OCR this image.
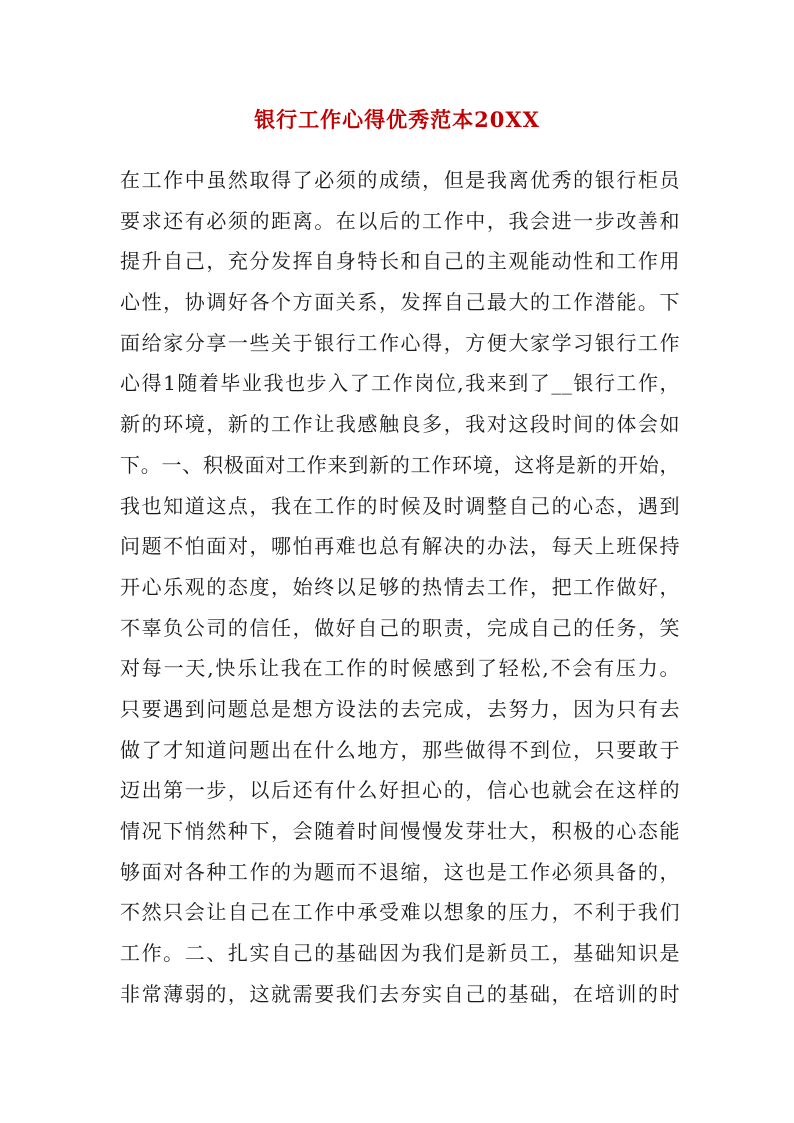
银行工作心得优秀范本20XX
在工作中虽然取得了必须的成绩，但是我离优秀的银行柜员
要求还有必须的距离。在以后的工作中，我会进一步改善和
提升自己，充分发挥自身特长和自己的主观能动性和工作用
心性，协调好各个方面关系，发挥自己最大的工作潜能。下
面给家分享一些关于银行工作心得，方便大家学习银行工作
心得1随着毕业我也步入了工作岗位,我来到了__银行工作，
新的环境，新的工作让我感触良多，我对这段时间的体会如
下。一、积极面对工作来到新的工作环境，这将是新的开始，
我也知道这点，我在工作的时候及时调整自己的心态，遇到
问题不怕面对，哪怕再难也总有解决的办法，每天上班保持
开心乐观的态度，始终以足够的热情去工作，把工作做好，
不辜负公司的信任，做好自己的职责，完成自己的任务，笑
对每一天,快乐让我在工作的时候感到了轻松,不会有压力。
只要遇到问题总是想方设法的去完成，去努力，因为只有去
做了才知道问题出在什么地方，那些做得不到位，只要敢于
迈出第一步，以后还有什么好担心的，信心也就会在这样的
情况下悄然种下，会随着时间慢慢发芽壮大，积极的心态能
够面对各种工作的为题而不退缩，这也是工作必须具备的，
不然只会让自己在工作中承受难以想象的压力，不利于我们
工作。二、扎实自己的基础因为我们是新员工，基础知识是
非常薄弱的，这就需要我们去夯实自己的基础，在培训的时
